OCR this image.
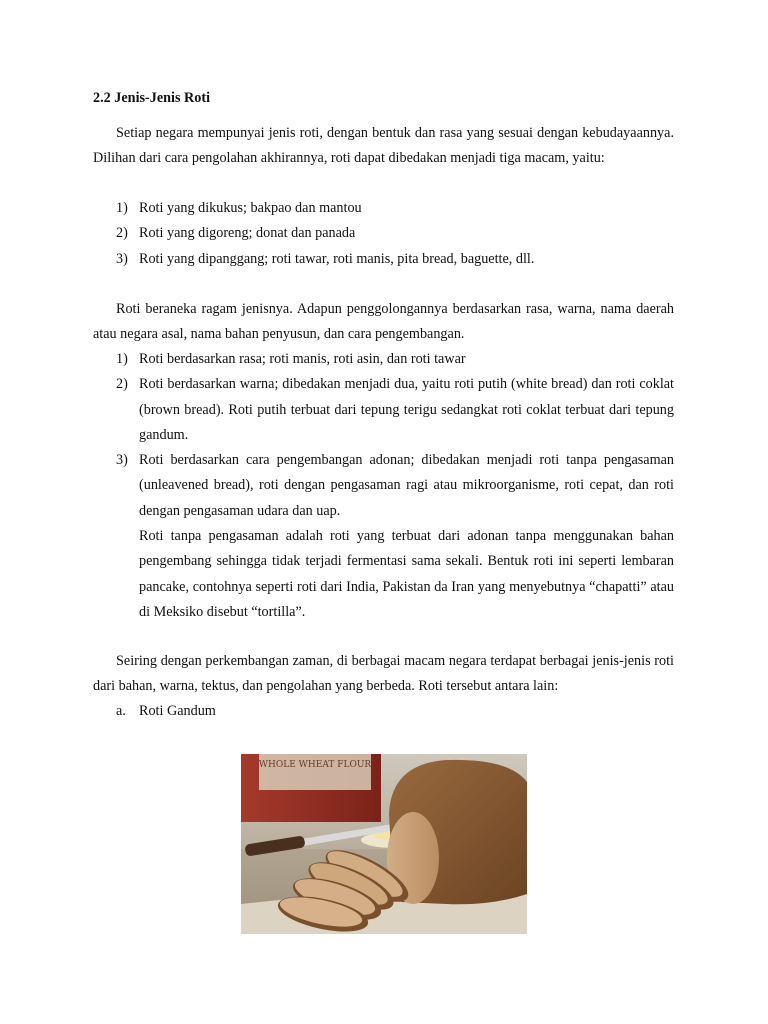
2.2 Jenis-Jenis Roti
Setiap negara mempunyai jenis roti, dengan bentuk dan rasa yang sesuai dengan kebudayaannya. Dilihan dari cara pengolahan akhirannya, roti dapat dibedakan menjadi tiga macam, yaitu:
1) Roti yang dikukus; bakpao dan mantou
2) Roti yang digoreng; donat dan panada
3) Roti yang dipanggang; roti tawar, roti manis, pita bread, baguette, dll.
Roti beraneka ragam jenisnya. Adapun penggolongannya berdasarkan rasa, warna, nama daerah atau negara asal, nama bahan penyusun, dan cara pengembangan.
1) Roti berdasarkan rasa; roti manis, roti asin, dan roti tawar
2) Roti berdasarkan warna; dibedakan menjadi dua, yaitu roti putih (white bread) dan roti coklat (brown bread). Roti putih terbuat dari tepung terigu sedangkat roti coklat terbuat dari tepung gandum.
3) Roti berdasarkan cara pengembangan adonan; dibedakan menjadi roti tanpa pengasaman (unleavened bread), roti dengan pengasaman ragi atau mikroorganisme, roti cepat, dan roti dengan pengasaman udara dan uap.
Roti tanpa pengasaman adalah roti yang terbuat dari adonan tanpa menggunakan bahan pengembang sehingga tidak terjadi fermentasi sama sekali. Bentuk roti ini seperti lembaran pancake, contohnya seperti roti dari India, Pakistan da Iran yang menyebutnya “chapatti” atau di Meksiko disebut “tortilla”.
Seiring dengan perkembangan zaman, di berbagai macam negara terdapat berbagai jenis-jenis roti dari bahan, warna, tektus, dan pengolahan yang berbeda. Roti tersebut antara lain:
a. Roti Gandum
WHOLE WHEAT FLOUR
